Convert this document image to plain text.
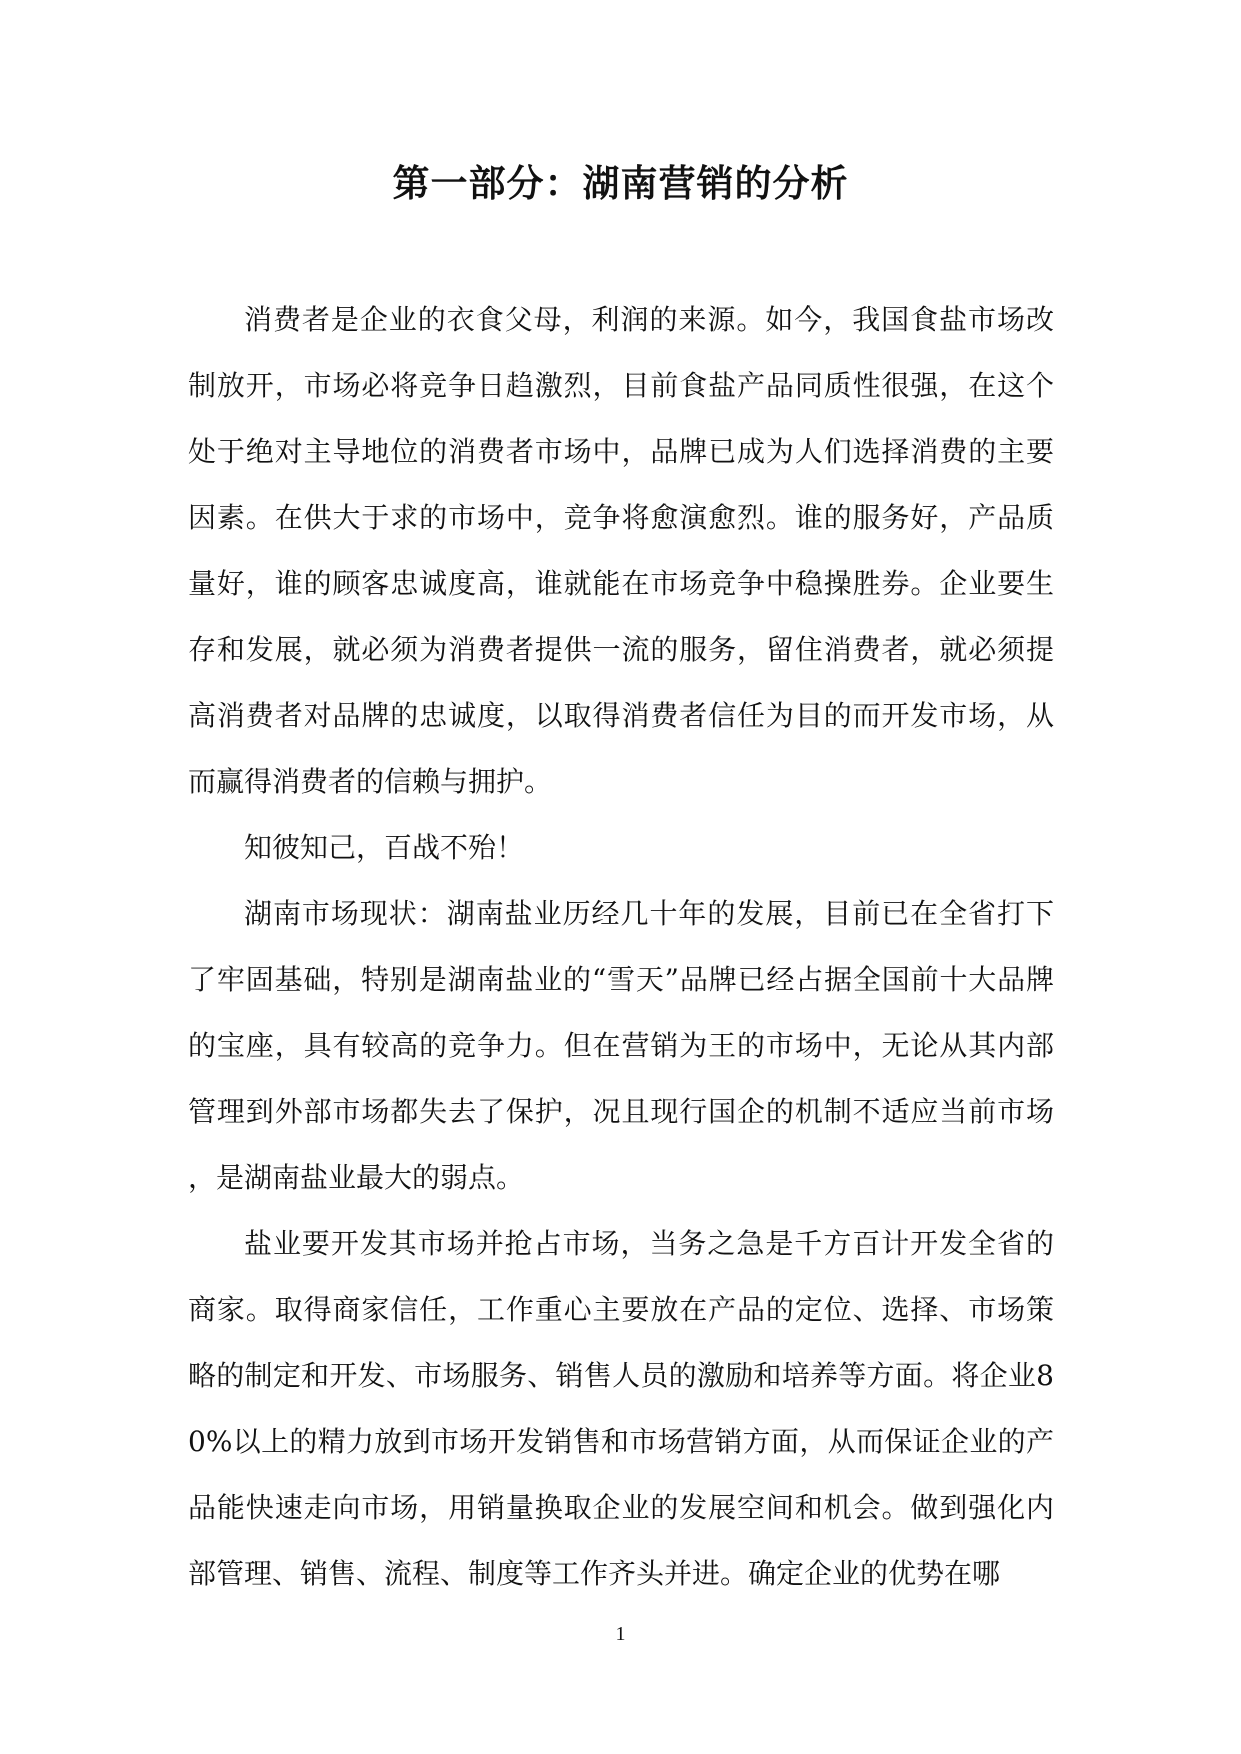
第一部分：湖南营销的分析

消费者是企业的衣食父母，利润的来源。如今，我国食盐市场改制放开，市场必将竞争日趋激烈，目前食盐产品同质性很强，在这个处于绝对主导地位的消费者市场中，品牌已成为人们选择消费的主要因素。在供大于求的市场中，竞争将愈演愈烈。谁的服务好，产品质量好，谁的顾客忠诚度高，谁就能在市场竞争中稳操胜券。企业要生存和发展，就必须为消费者提供一流的服务，留住消费者，就必须提高消费者对品牌的忠诚度，以取得消费者信任为目的而开发市场，从而赢得消费者的信赖与拥护。

知彼知己，百战不殆！

湖南市场现状：湖南盐业历经几十年的发展，目前已在全省打下了牢固基础，特别是湖南盐业的“雪天”品牌已经占据全国前十大品牌的宝座，具有较高的竞争力。但在营销为王的市场中，无论从其内部管理到外部市场都失去了保护，况且现行国企的机制不适应当前市场，是湖南盐业最大的弱点。

盐业要开发其市场并抢占市场，当务之急是千方百计开发全省的商家。取得商家信任，工作重心主要放在产品的定位、选择、市场策略的制定和开发、市场服务、销售人员的激励和培养等方面。将企业80%以上的精力放到市场开发销售和市场营销方面，从而保证企业的产品能快速走向市场，用销量换取企业的发展空间和机会。做到强化内部管理、销售、流程、制度等工作齐头并进。确定企业的优势在哪

1
